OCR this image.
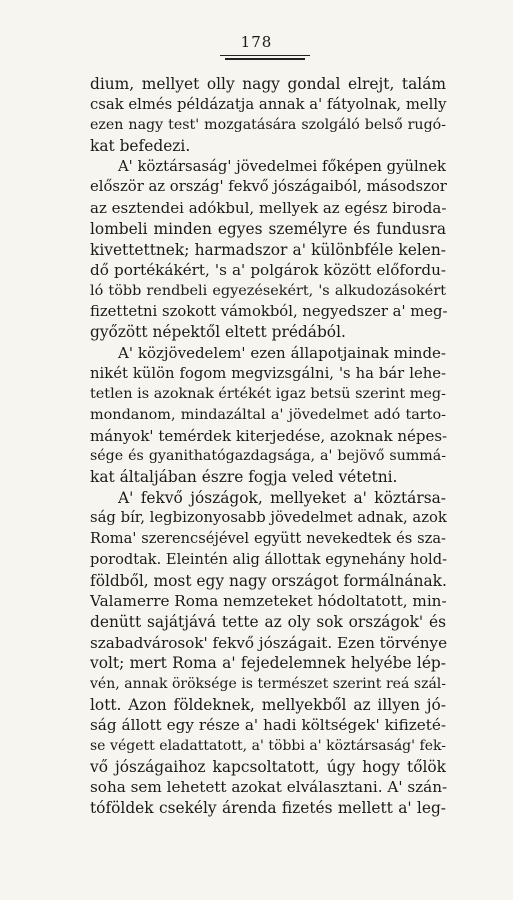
178
dium, mellyet olly nagy gondal elrejt, talám
csak elmés példázatja annak a' fátyolnak, melly
ezen nagy test' mozgatására szolgáló belső rugó-
kat befedezi.
A' köztársaság' jövedelmei főképen gyülnek
először az ország' fekvő jószágaiból, másodszor
az esztendei adókbul, mellyek az egész biroda-
lombeli minden egyes személyre és fundusra
kivettettnek; harmadszor a' különbféle kelen-
dő portékákért, 's a' polgárok között előfordu-
ló több rendbeli egyezésekért, 's alkudozásokért
fizettetni szokott vámokból, negyedszer a' meg-
győzött népektől eltett prédából.
A' közjövedelem' ezen állapotjainak minde-
nikét külön fogom megvizsgálni, 's ha bár lehe-
tetlen is azoknak értékét igaz betsü szerint meg-
mondanom, mindazáltal a' jövedelmet adó tarto-
mányok' temérdek kiterjedése, azoknak népes-
sége és gyanithatógazdagsága, a' bejövő summá-
kat általjában észre fogja veled vétetni.
A' fekvő jószágok, mellyeket a' köztársa-
ság bír, legbizonyosabb jövedelmet adnak, azok
Roma' szerencséjével együtt nevekedtek és sza-
porodtak. Eleintén alig állottak egynehány hold-
földből, most egy nagy országot formálnának.
Valamerre Roma nemzeteket hódoltatott, min-
denütt sajátjává tette az oly sok országok' és
szabadvárosok' fekvő jószágait. Ezen törvénye
volt; mert Roma a' fejedelemnek helyébe lép-
vén, annak öröksége is természet szerint reá szál-
lott. Azon földeknek, mellyekből az illyen jó-
ság állott egy része a' hadi költségek' kifizeté-
se végett eladattatott, a' többi a' köztársaság' fek-
vő jószágaihoz kapcsoltatott, úgy hogy tőlök
soha sem lehetett azokat elválasztani. A' szán-
tóföldek csekély árenda fizetés mellett a' leg-
